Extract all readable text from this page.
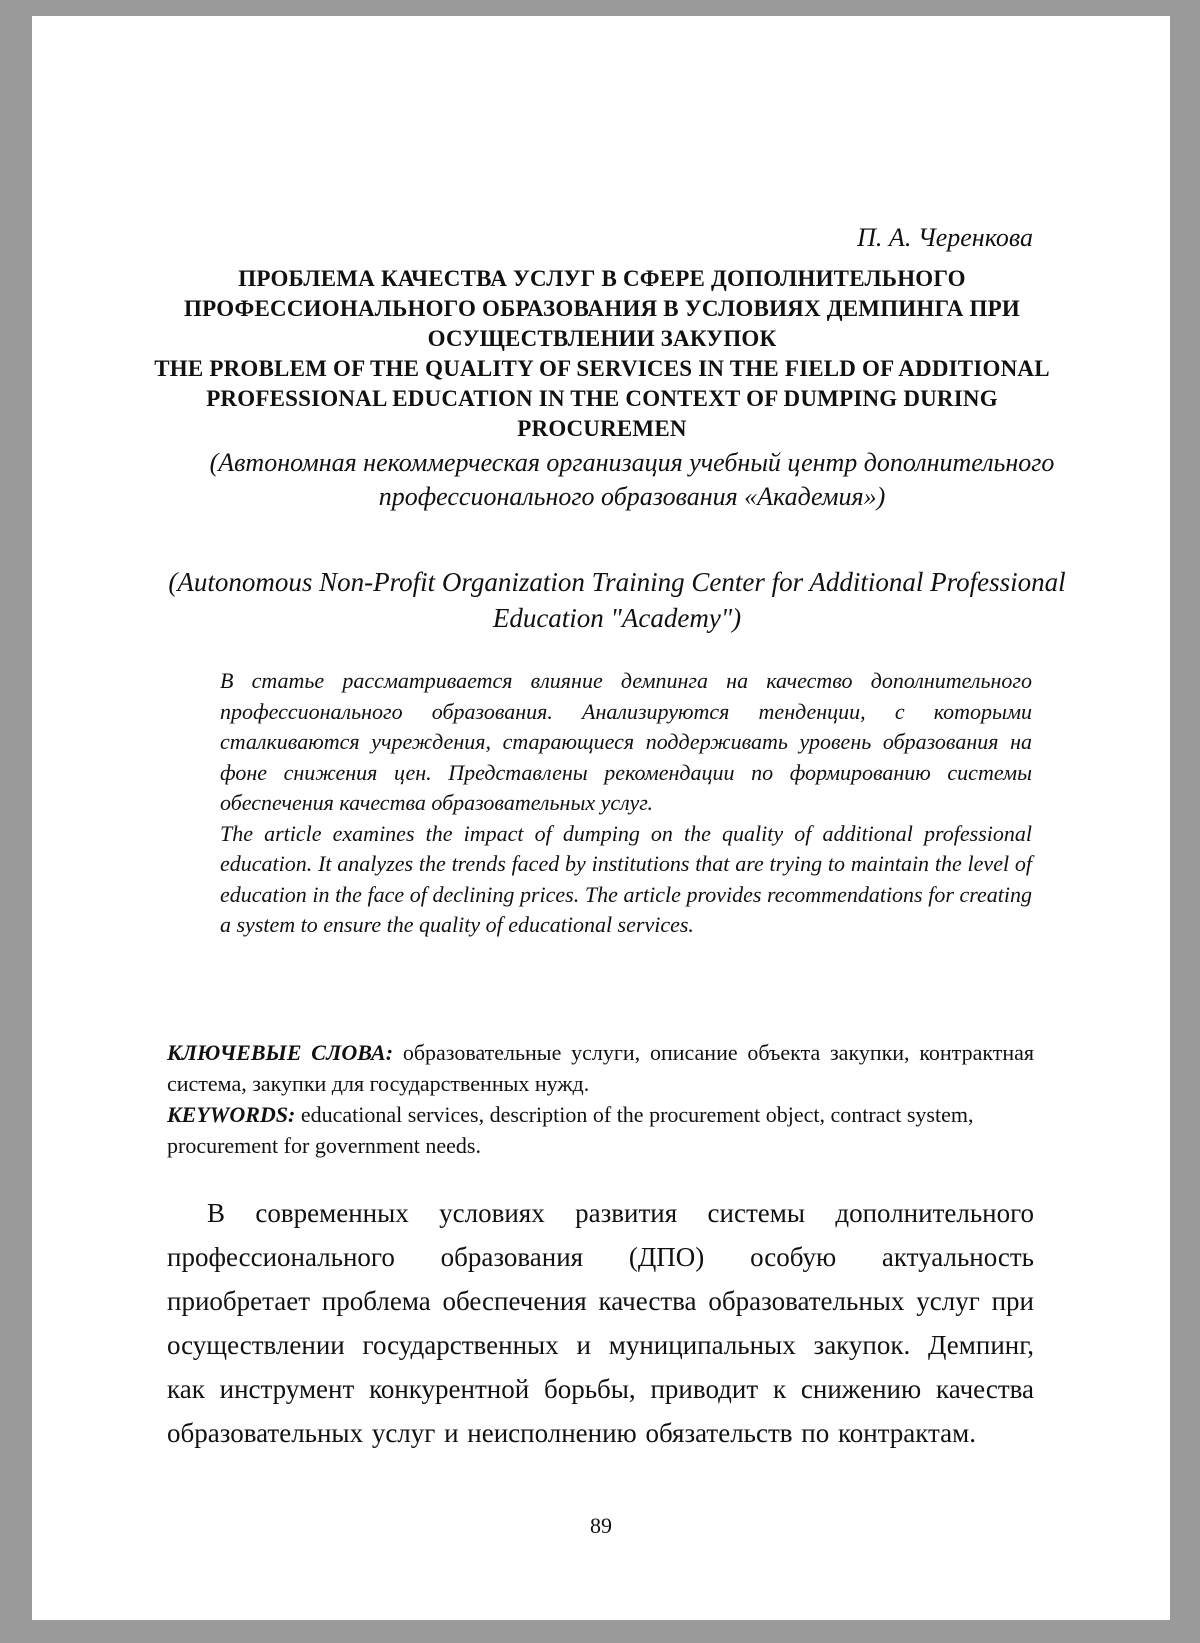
П. А. Черенкова
ПРОБЛЕМА КАЧЕСТВА УСЛУГ В СФЕРЕ ДОПОЛНИТЕЛЬНОГО ПРОФЕССИОНАЛЬНОГО ОБРАЗОВАНИЯ В УСЛОВИЯХ ДЕМПИНГА ПРИ ОСУЩЕСТВЛЕНИИ ЗАКУПОК
THE PROBLEM OF THE QUALITY OF SERVICES IN THE FIELD OF ADDITIONAL PROFESSIONAL EDUCATION IN THE CONTEXT OF DUMPING DURING PROCUREMEN
(Автономная некоммерческая организация учебный центр дополнительного профессионального образования «Академия»)
(Autonomous Non-Profit Organization Training Center for Additional Professional Education "Academy")

В статье рассматривается влияние демпинга на качество дополнительного профессионального образования. Анализируются тенденции, с которыми сталкиваются учреждения, старающиеся поддерживать уровень образования на фоне снижения цен. Представлены рекомендации по формированию системы обеспечения качества образовательных услуг.

The article examines the impact of dumping on the quality of additional professional education. It analyzes the trends faced by institutions that are trying to maintain the level of education in the face of declining prices. The article provides recommendations for creating a system to ensure the quality of educational services.

КЛЮЧЕВЫЕ СЛОВА: образовательные услуги, описание объекта закупки, контрактная система, закупки для государственных нужд.

KEYWORDS: educational services, description of the procurement object, contract system, procurement for government needs.

В современных условиях развития системы дополнительного профессионального образования (ДПО) особую актуальность приобретает проблема обеспечения качества образовательных услуг при осуществлении государственных и муниципальных закупок. Демпинг, как инструмент конкурентной борьбы, приводит к снижению качества образовательных услуг и неисполнению обязательств по контрактам.

89
